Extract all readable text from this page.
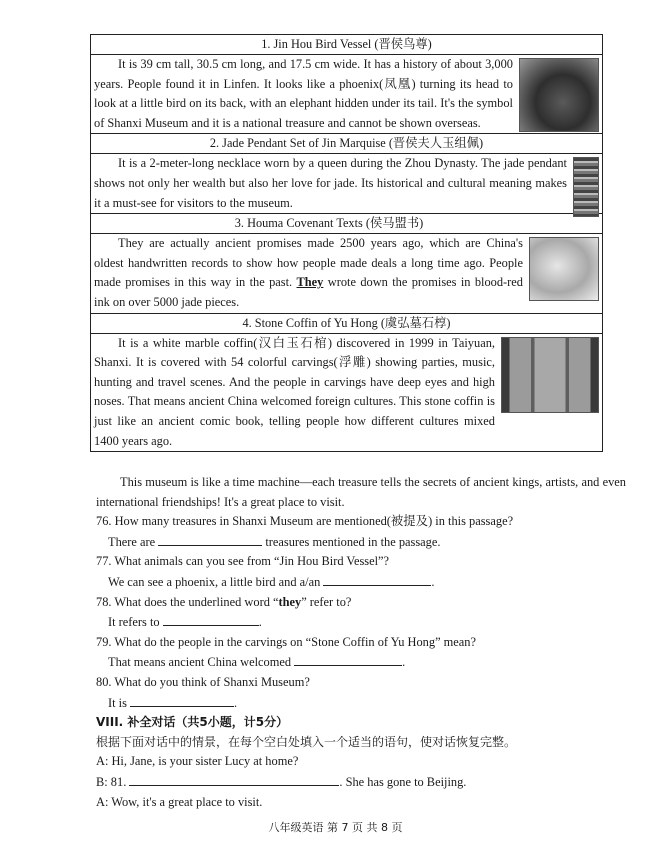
1. Jin Hou Bird Vessel (晋侯鸟尊)

It is 39 cm tall, 30.5 cm long, and 17.5 cm wide. It has a history of about 3,000 years. People found it in Linfen. It looks like a phoenix(凤凰) turning its head to look at a little bird on its back, with an elephant hidden under its tail. It's the symbol of Shanxi Museum and it is a national treasure and cannot be shown overseas.

2. Jade Pendant Set of Jin Marquise (晋侯夫人玉组佩)

It is a 2-meter-long necklace worn by a queen during the Zhou Dynasty. The jade pendant shows not only her wealth but also her love for jade. Its historical and cultural meaning makes it a must-see for visitors to the museum.

3. Houma Covenant Texts (侯马盟书)

They are actually ancient promises made 2500 years ago, which are China's oldest handwritten records to show how people made deals a long time ago. People made promises in this way in the past. They wrote down the promises in blood-red ink on over 5000 jade pieces.

4. Stone Coffin of Yu Hong (虞弘墓石椁)

It is a white marble coffin(汉白玉石棺) discovered in 1999 in Taiyuan, Shanxi. It is covered with 54 colorful carvings(浮雕) showing parties, music, hunting and travel scenes. And the people in carvings have deep eyes and high noses. That means ancient China welcomed foreign cultures. This stone coffin is just like an ancient comic book, telling people how different cultures mixed 1400 years ago.

This museum is like a time machine—each treasure tells the secrets of ancient kings, artists, and even international friendships! It's a great place to visit.

76. How many treasures in Shanxi Museum are mentioned(被提及) in this passage?

There are	treasures mentioned in the passage.

77. What animals can you see from “Jin Hou Bird Vessel”?

We can see a phoenix, a little bird and a/an	.

78. What does the underlined word “they” refer to?

It refers to	.

79. What do the people in the carvings on “Stone Coffin of Yu Hong” mean?

That means ancient China welcomed	.

80. What do you think of Shanxi Museum?

It is	.

VIII. 补全对话（共5小题，计5分）

根据下面对话中的情景，在每个空白处填入一个适当的语句，使对话恢复完整。

A: Hi, Jane, is your sister Lucy at home?

B: 81.	. She has gone to Beijing.

A: Wow, it's a great place to visit.

八年级英语 第 7 页 共 8 页
